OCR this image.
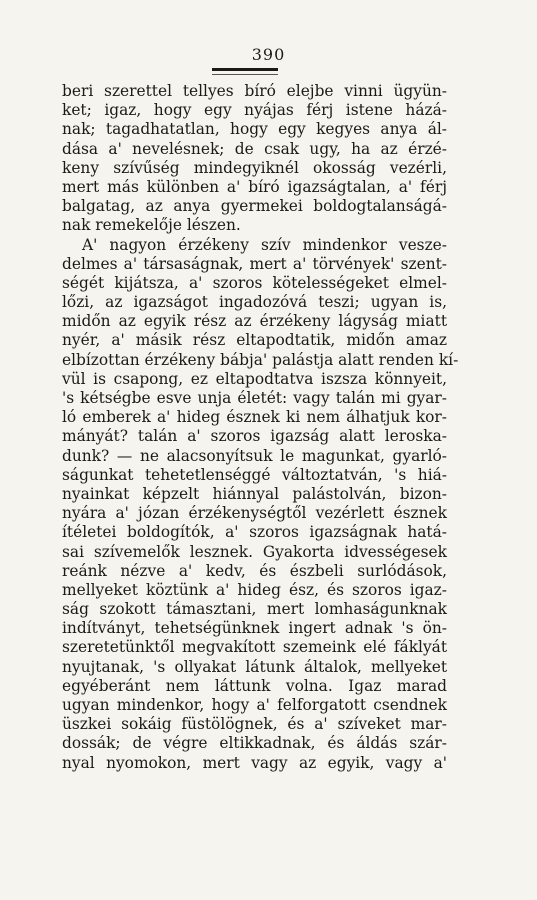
390
beri szerettel tellyes bíró elejbe vinni ügyün-
ket; igaz, hogy egy nyájas férj istene házá-
nak; tagadhatatlan, hogy egy kegyes anya ál-
dása a' nevelésnek; de csak ugy, ha az érzé-
keny szívűség mindegyiknél okosság vezérli,
mert más különben a' bíró igazságtalan, a' férj
balgatag, az anya gyermekei boldogtalanságá-
nak remekelője lészen.
A' nagyon érzékeny szív mindenkor vesze-
delmes a' társaságnak, mert a' törvények' szent-
ségét kijátsza, a' szoros kötelességeket elmel-
lőzi, az igazságot ingadozóvá teszi; ugyan is,
midőn az egyik rész az érzékeny lágyság miatt
nyér, a' másik rész eltapodtatik, midőn amaz
elbízottan érzékeny bábja' palástja alatt renden kí-
vül is csapong, ez eltapodtatva iszsza könnyeit,
's kétségbe esve unja életét: vagy talán mi gyar-
ló emberek a' hideg észnek ki nem álhatjuk kor-
mányát? talán a' szoros igazság alatt leroska-
dunk? — ne alacsonyítsuk le magunkat, gyarló-
ságunkat tehetetlenséggé változtatván, 's hiá-
nyainkat képzelt hiánnyal palástolván, bizon-
nyára a' józan érzékenységtől vezérlett észnek
ítéletei boldogítók, a' szoros igazságnak hatá-
sai szívemelők lesznek. Gyakorta idvességesek
reánk nézve a' kedv, és észbeli surlódások,
mellyeket köztünk a' hideg ész, és szoros igaz-
ság szokott támasztani, mert lomhaságunknak
indítványt, tehetségünknek ingert adnak 's ön-
szeretetünktől megvakított szemeink elé fáklyát
nyujtanak, 's ollyakat látunk általok, mellyeket
egyéberánt nem láttunk volna. Igaz marad
ugyan mindenkor, hogy a' felforgatott csendnek
üszkei sokáig füstölögnek, és a' szíveket mar-
dossák; de végre eltikkadnak, és áldás szár-
nyal nyomokon, mert vagy az egyik, vagy a'
